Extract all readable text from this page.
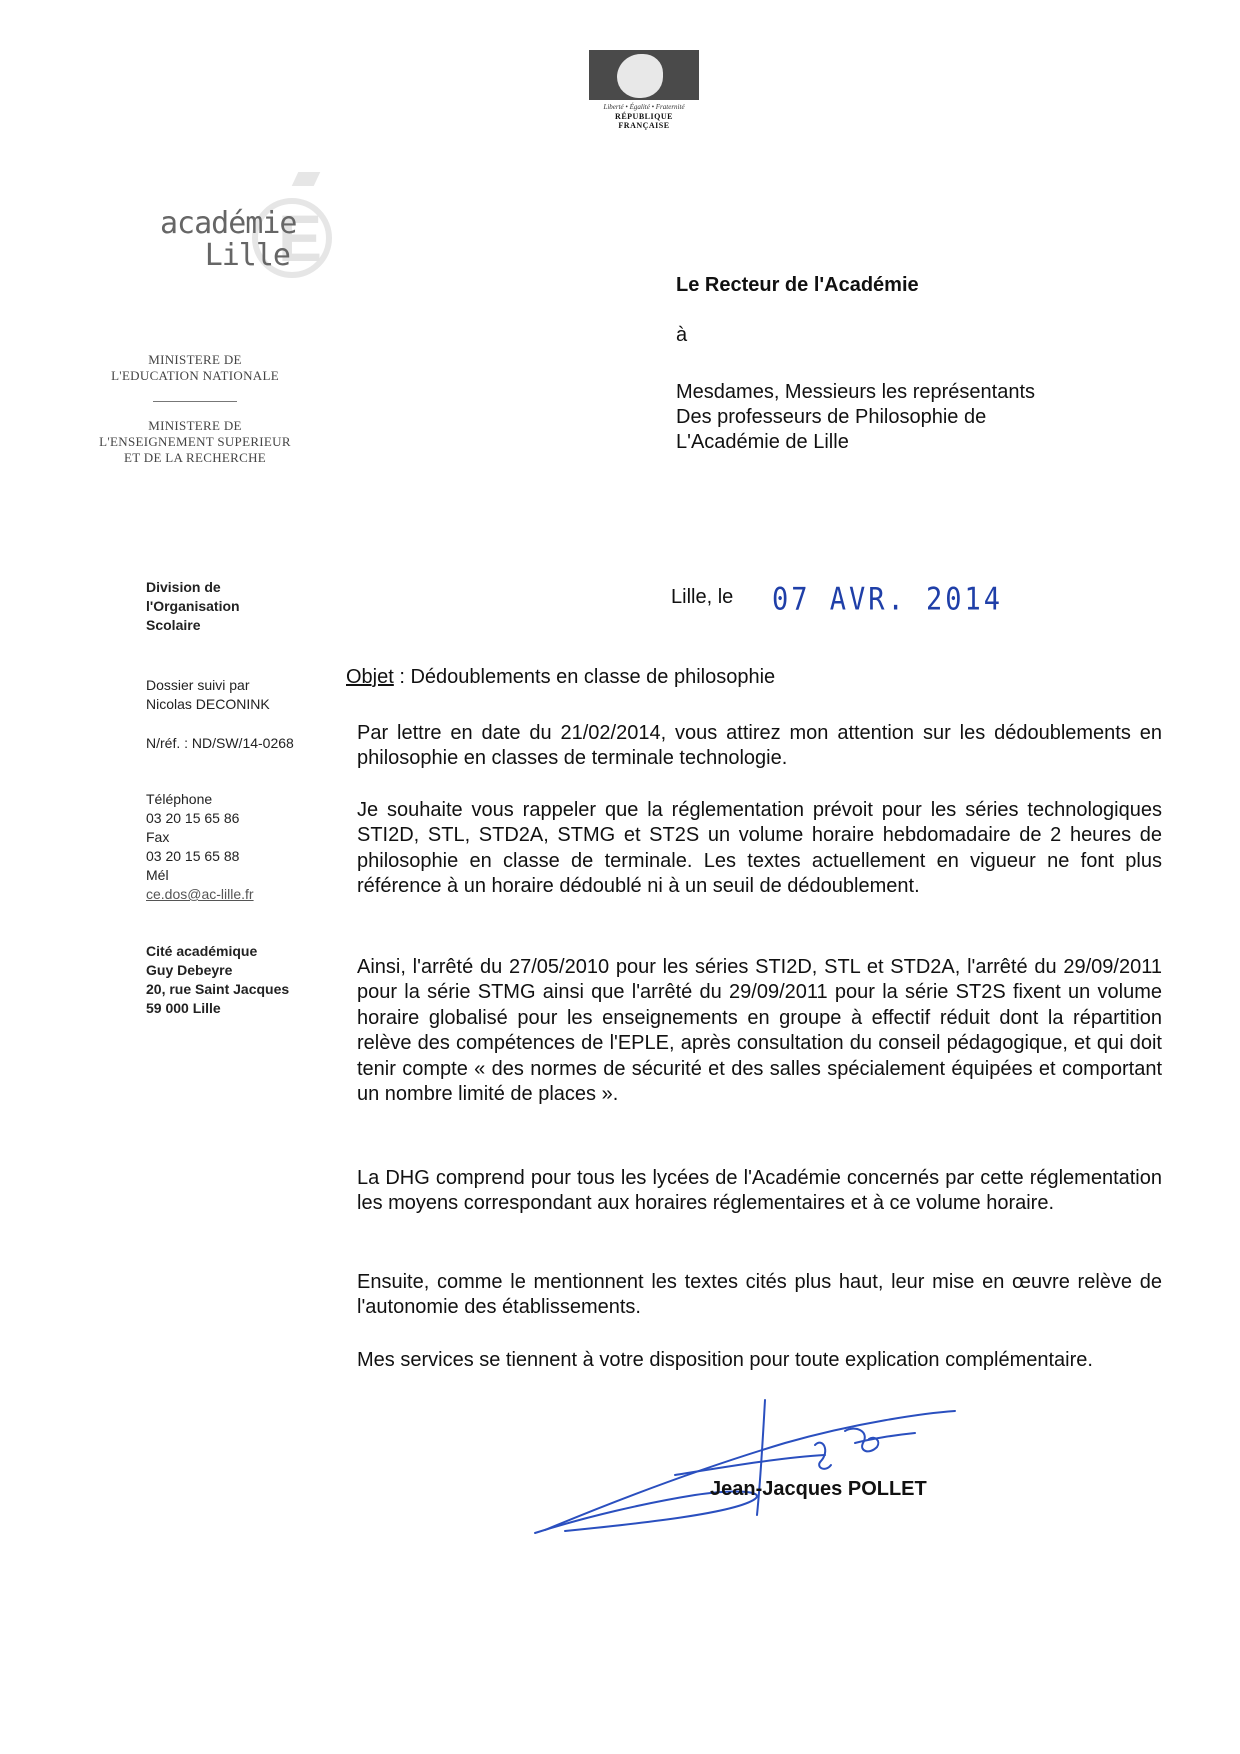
Liberté • Égalité • Fraternité
RÉPUBLIQUE FRANÇAISE
E
académie
Lille
MINISTERE DE
L'EDUCATION NATIONALE
MINISTERE DE
L'ENSEIGNEMENT SUPERIEUR
ET DE LA RECHERCHE
Le Recteur de l'Académie
à
Mesdames, Messieurs les représentants
Des professeurs de Philosophie de
L'Académie de Lille
Division de
l'Organisation
Scolaire
Dossier suivi par
Nicolas DECONINK
N/réf. : ND/SW/14-0268
Téléphone
03 20 15 65 86
Fax
03 20 15 65 88
Mél
ce.dos@ac-lille.fr
Cité académique
Guy Debeyre
20, rue Saint Jacques
59 000 Lille
Lille, le 07 AVR. 2014
Objet : Dédoublements en classe de philosophie
Par lettre en date du 21/02/2014, vous attirez mon attention sur les dédoublements en philosophie en classes de terminale technologie.
Je souhaite vous rappeler que la réglementation prévoit pour les séries technologiques STI2D, STL, STD2A, STMG et ST2S un volume horaire hebdomadaire de 2 heures de philosophie en classe de terminale. Les textes actuellement en vigueur ne font plus référence à un horaire dédoublé ni à un seuil de dédoublement.
Ainsi, l'arrêté du 27/05/2010 pour les séries STI2D, STL et STD2A, l'arrêté du 29/09/2011 pour la série STMG ainsi que l'arrêté du 29/09/2011 pour la série ST2S fixent un volume horaire globalisé pour les enseignements en groupe à effectif réduit dont la répartition relève des compétences de l'EPLE, après consultation du conseil pédagogique, et qui doit tenir compte « des normes de sécurité et des salles spécialement équipées et comportant un nombre limité de places ».
La DHG comprend pour tous les lycées de l'Académie concernés par cette réglementation les moyens correspondant aux horaires réglementaires et à ce volume horaire.
Ensuite, comme le mentionnent les textes cités plus haut, leur mise en œuvre relève de l'autonomie des établissements.
Mes services se tiennent à votre disposition pour toute explication complémentaire.
Jean-Jacques POLLET
